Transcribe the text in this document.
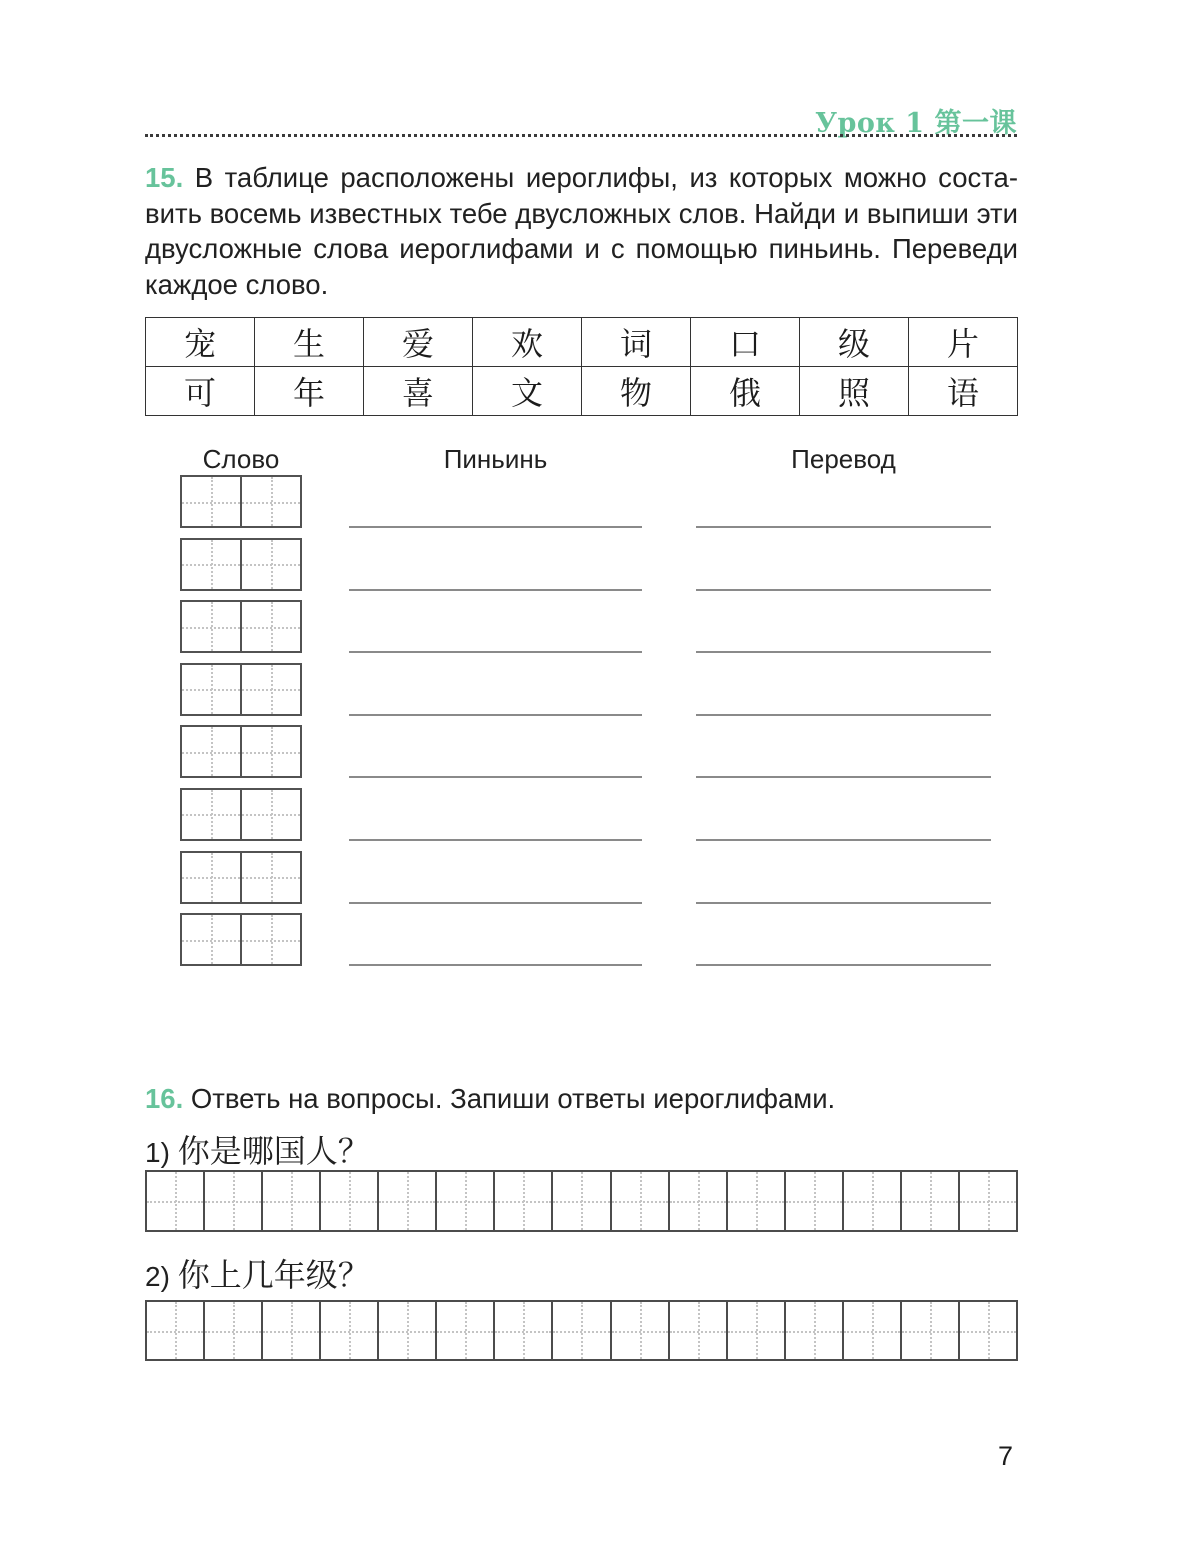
Урок 1 第一课
15. В таблице расположены иероглифы, из которых можно соста-
вить восемь известных тебе двусложных слов. Найди и выпиши эти
двусложные слова иероглифами и с помощью пиньинь. Переведи
каждое слово.
宠	生	爱	欢	词	口	级	片
可	年	喜	文	物	俄	照	语
Слово	Пиньинь	Перевод
16. Ответь на вопросы. Запиши ответы иероглифами.
1) 你是哪国人？
2) 你上几年级？
7
